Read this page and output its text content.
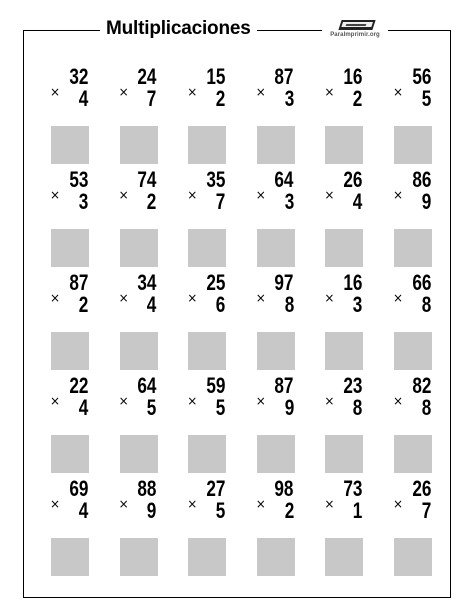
Multiplicaciones	ParaImprimir.org
32
× 4
24
× 7
15
× 2
87
× 3
16
× 2
56
× 5
53
× 3
74
× 2
35
× 7
64
× 3
26
× 4
86
× 9
87
× 2
34
× 4
25
× 6
97
× 8
16
× 3
66
× 8
22
× 4
64
× 5
59
× 5
87
× 9
23
× 8
82
× 8
69
× 4
88
× 9
27
× 5
98
× 2
73
× 1
26
× 7
